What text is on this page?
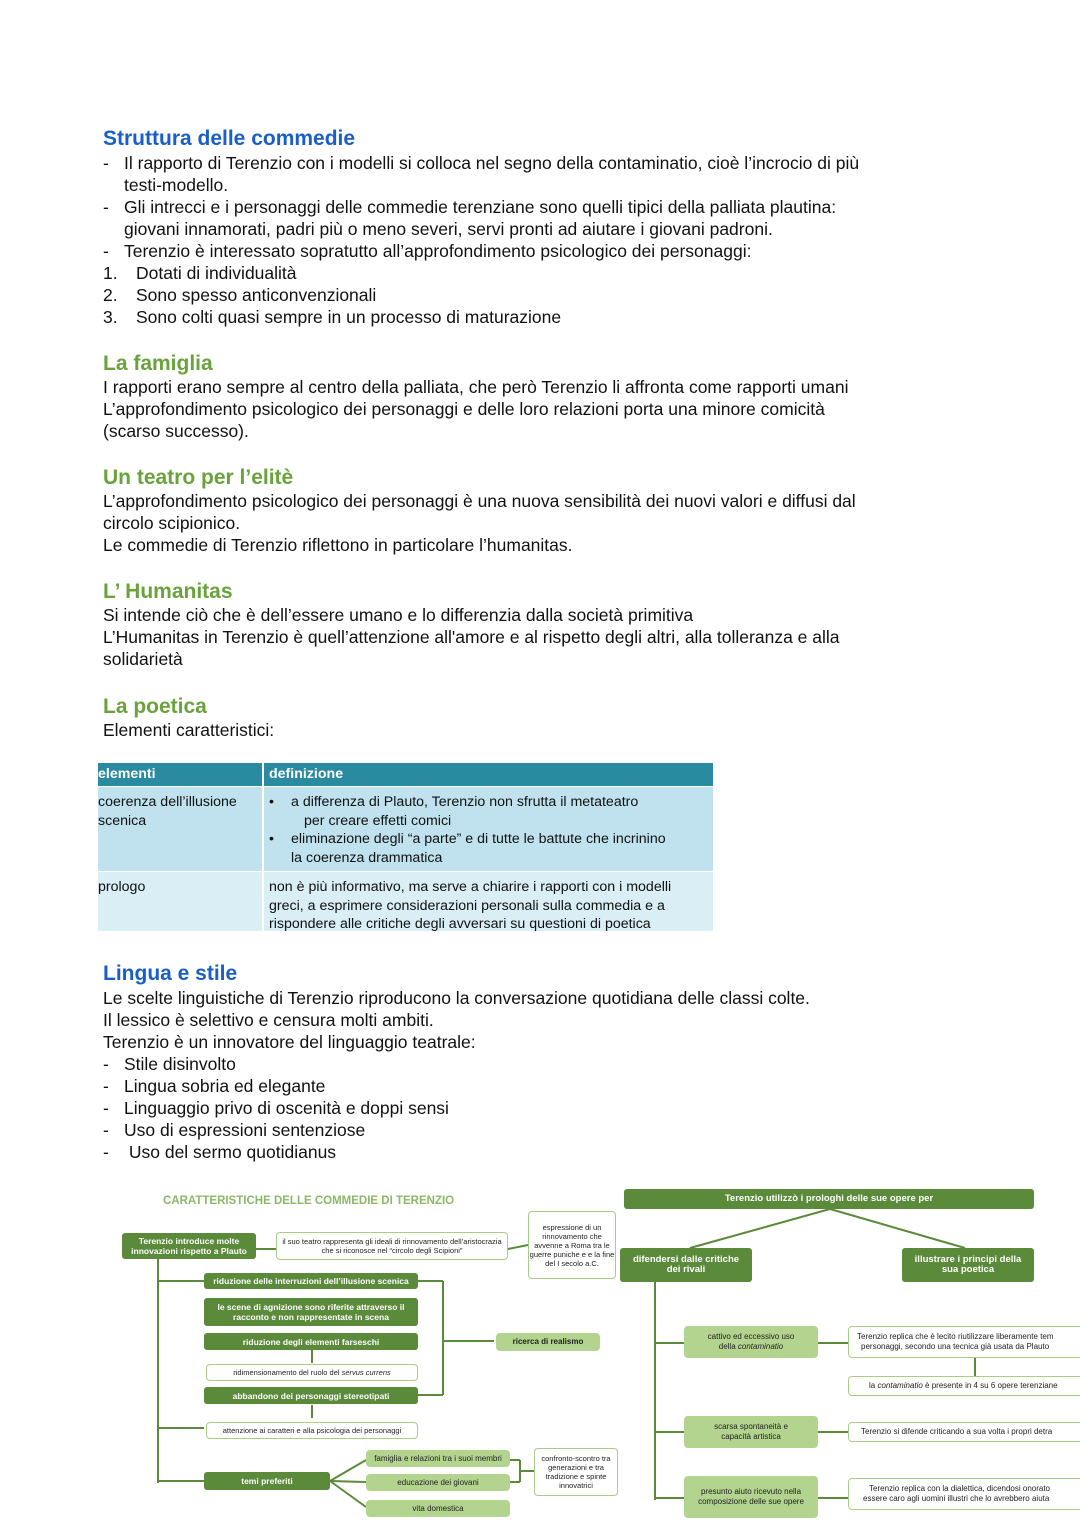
Struttura delle commedie
- Il rapporto di Terenzio con i modelli si colloca nel segno della contaminatio, cioè l’incrocio di più
testi-modello.
- Gli intrecci e i personaggi delle commedie terenziane sono quelli tipici della palliata plautina:
giovani innamorati, padri più o meno severi, servi pronti ad aiutare i giovani padroni.
- Terenzio è interessato sopratutto all’approfondimento psicologico dei personaggi:
1. Dotati di individualità
2. Sono spesso anticonvenzionali
3. Sono colti quasi sempre in un processo di maturazione
La famiglia

I rapporti erano sempre al centro della palliata, che però Terenzio li affronta come rapporti umani

L’approfondimento psicologico dei personaggi e delle loro relazioni porta una minore comicità

(scarso successo).

Un teatro per l’elitè

L’approfondimento psicologico dei personaggi è una nuova sensibilità dei nuovi valori e diffusi dal

circolo scipionico.

Le commedie di Terenzio riflettono in particolare l’humanitas.

L’ Humanitas

Si intende ciò che è dell’essere umano e lo differenzia dalla società primitiva

L’Humanitas in Terenzio è quell’attenzione all'amore e al rispetto degli altri, alla tolleranza e alla

solidarietà

La poetica

Elementi caratteristici:

elementi	definizione
coerenza dell’illusione
scenica
• a differenza di Plauto, Terenzio non sfrutta il metateatro
per creare effetti comici
• eliminazione degli “a parte” e di tutte le battute che incrinino
la coerenza drammatica
prologo	non è più informativo, ma serve a chiarire i rapporti con i modelli
greci, a esprimere considerazioni personali sulla commedia e a
rispondere alle critiche degli avversari su questioni di poetica
Lingua e stile

Le scelte linguistiche di Terenzio riproducono la conversazione quotidiana delle classi colte.

Il lessico è selettivo e censura molti ambiti.

Terenzio è un innovatore del linguaggio teatrale:

- Stile disinvolto
- Lingua sobria ed elegante
- Linguaggio privo di oscenità e doppi sensi
- Uso di espressioni sentenziose
- Uso del sermo quotidianus
CARATTERISTICHE DELLE COMMEDIE DI TERENZIO
Terenzio introduce molte innovazioni rispetto a Plauto
il suo teatro rappresenta gli ideali di rinnovamento dell’aristocrazia che si riconosce nel “circolo degli Scipioni”
espressione di un rinnovamento che avvenne a Roma tra le guerre puniche e e la fine del I secolo a.C.
riduzione delle interruzioni dell’illusione scenica
le scene di agnizione sono riferite attraverso il racconto e non rappresentate in scena
riduzione degli elementi farseschi
ridimensionamento del ruolo del servus currens
abbandono dei personaggi stereotipati
attenzione ai caratteri e alla psicologia dei personaggi
ricerca di realismo
temi preferiti
famiglia e relazioni tra i suoi membri
educazione dei giovani
vita domestica
confronto-scontro tra generazioni e tra tradizione e spinte innovatrici
Terenzio utilizzò i prologhi delle sue opere per
difendersi dalle critiche dei rivali
illustrare i principi della sua poetica
cattivo ed eccessivo uso
della contaminatio
Terenzio replica che è lecito riutilizzare liberamente tem
personaggi, secondo una tecnica già usata da Plauto
la contaminatio è presente in 4 su 6 opere terenziane
scarsa spontaneità e capacità artistica
Terenzio si difende criticando a sua volta i propri detra
presunto aiuto ricevuto nella composizione delle sue opere
Terenzio replica con la dialettica, dicendosi onorato
essere caro agli uomini illustri che lo avrebbero aiuta
